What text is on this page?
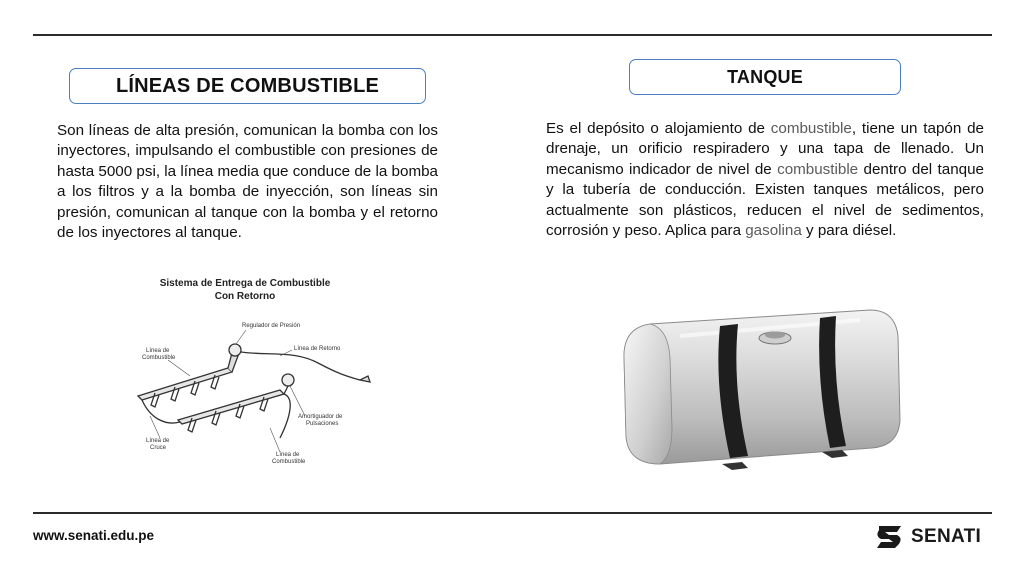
LÍNEAS DE COMBUSTIBLE

Son líneas de alta presión, comunican la bomba con los inyectores, impulsando el combustible con presiones de hasta 5000 psi, la línea media que conduce de la bomba a los filtros y a la bomba de inyección, son líneas sin presión, comunican al tanque con la bomba y el retorno de los inyectores al tanque.

Sistema de Entrega de Combustible
Con Retorno
Regulador de Presión
Línea de Retorno
Línea de
Combustible
Amortiguador de
Pulsaciones
Línea de
Cruce
Línea de
Combustible
TANQUE

Es el depósito o alojamiento de combustible, tiene un tapón de drenaje, un orificio respiradero y una tapa de llenado. Un mecanismo indicador de nivel de combustible dentro del tanque y la tubería de conducción. Existen tanques metálicos, pero actualmente son plásticos, reducen el nivel de sedimentos, corrosión y peso. Aplica para gasolina y para diésel.

www.senati.edu.pe	SENATI
